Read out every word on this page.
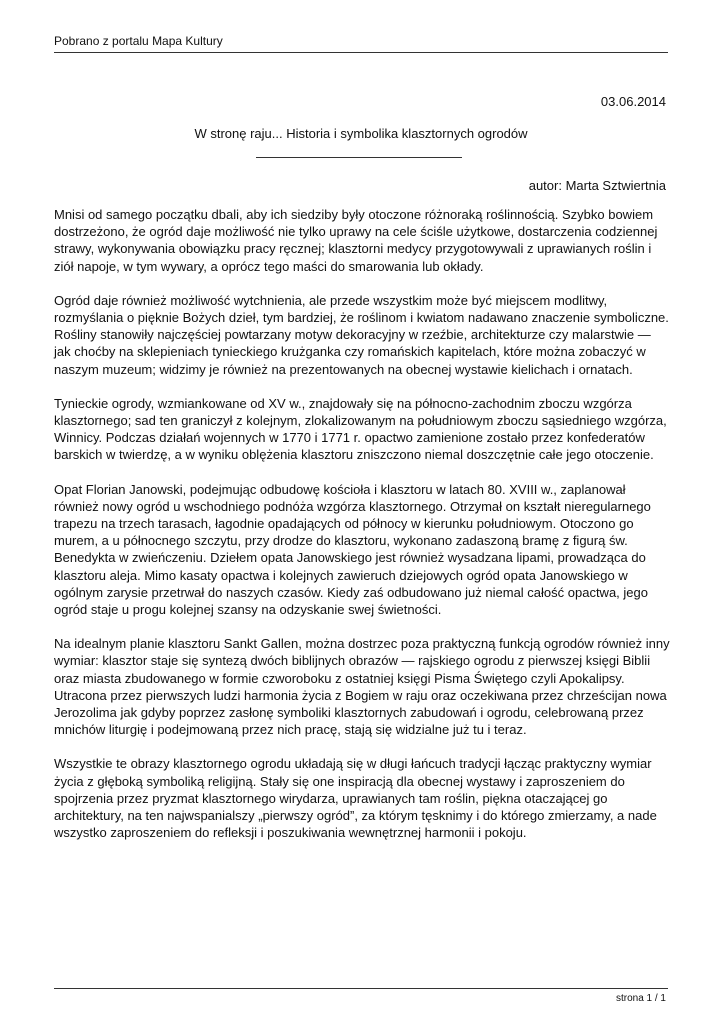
Pobrano z portalu Mapa Kultury
03.06.2014
W stronę raju... Historia i symbolika klasztornych ogrodów
autor: Marta Sztwiertnia

Mnisi od samego początku dbali, aby ich siedziby były otoczone różnoraką roślinnością. Szybko bowiem dostrzeżono, że ogród daje możliwość nie tylko uprawy na cele ściśle użytkowe, dostarczenia codziennej strawy, wykonywania obowiązku pracy ręcznej; klasztorni medycy przygotowywali z uprawianych roślin i ziół napoje, w tym wywary, a oprócz tego maści do smarowania lub okłady.

Ogród daje również możliwość wytchnienia, ale przede wszystkim może być miejscem modlitwy, rozmyślania o pięknie Bożych dzieł, tym bardziej, że roślinom i kwiatom nadawano znaczenie symboliczne. Rośliny stanowiły najczęściej powtarzany motyw dekoracyjny w rzeźbie, architekturze czy malarstwie — jak choćby na sklepieniach tynieckiego krużganka czy romańskich kapitelach, które można zobaczyć w naszym muzeum; widzimy je również na prezentowanych na obecnej wystawie kielichach i ornatach.

Tynieckie ogrody, wzmiankowane od XV w., znajdowały się na północno-zachodnim zboczu wzgórza klasztornego; sad ten graniczył z kolejnym, zlokalizowanym na południowym zboczu sąsiedniego wzgórza, Winnicy. Podczas działań wojennych w 1770 i 1771 r. opactwo zamienione zostało przez konfederatów barskich w twierdzę, a w wyniku oblężenia klasztoru zniszczono niemal doszczętnie całe jego otoczenie.

Opat Florian Janowski, podejmując odbudowę kościoła i klasztoru w latach 80. XVIII w., zaplanował również nowy ogród u wschodniego podnóża wzgórza klasztornego. Otrzymał on kształt nieregularnego trapezu na trzech tarasach, łagodnie opadających od północy w kierunku południowym. Otoczono go murem, a u północnego szczytu, przy drodze do klasztoru, wykonano zadaszoną bramę z figurą św. Benedykta w zwieńczeniu. Dziełem opata Janowskiego jest również wysadzana lipami, prowadząca do klasztoru aleja. Mimo kasaty opactwa i kolejnych zawieruch dziejowych ogród opata Janowskiego w ogólnym zarysie przetrwał do naszych czasów. Kiedy zaś odbudowano już niemal całość opactwa, jego ogród staje u progu kolejnej szansy na odzyskanie swej świetności.

Na idealnym planie klasztoru Sankt Gallen, można dostrzec poza praktyczną funkcją ogrodów również inny wymiar: klasztor staje się syntezą dwóch biblijnych obrazów — rajskiego ogrodu z pierwszej księgi Biblii oraz miasta zbudowanego w formie czworoboku z ostatniej księgi Pisma Świętego czyli Apokalipsy. Utracona przez pierwszych ludzi harmonia życia z Bogiem w raju oraz oczekiwana przez chrześcijan nowa Jerozolima jak gdyby poprzez zasłonę symboliki klasztornych zabudowań i ogrodu, celebrowaną przez mnichów liturgię i podejmowaną przez nich pracę, stają się widzialne już tu i teraz.

Wszystkie te obrazy klasztornego ogrodu układają się w długi łańcuch tradycji łącząc praktyczny wymiar życia z głęboką symboliką religijną. Stały się one inspiracją dla obecnej wystawy i zaproszeniem do spojrzenia przez pryzmat klasztornego wirydarza, uprawianych tam roślin, piękna otaczającej go architektury, na ten najwspanialszy „pierwszy ogród”, za którym tęsknimy i do którego zmierzamy, a nade wszystko zaproszeniem do refleksji i poszukiwania wewnętrznej harmonii i pokoju.

strona 1 / 1
